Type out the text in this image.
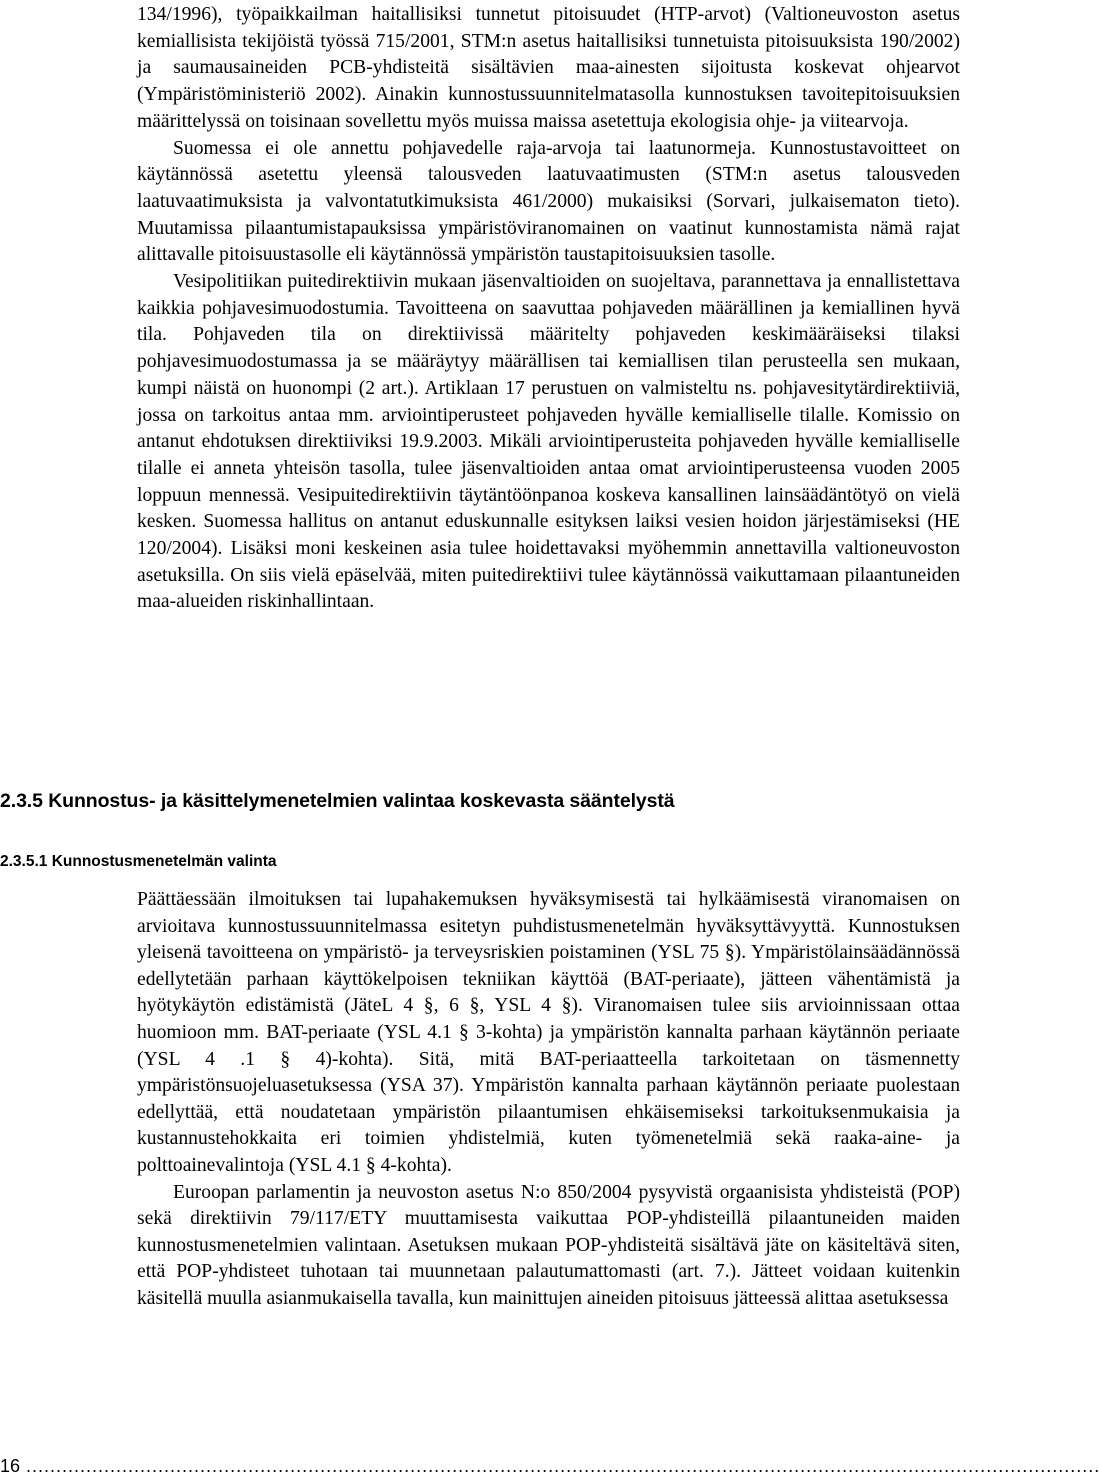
134/1996), työpaikkailman haitallisiksi tunnetut pitoisuudet (HTP-arvot) (Valtioneuvoston asetus kemiallisista tekijöistä työssä 715/2001, STM:n asetus haitallisiksi tunnetuista pitoisuuksista 190/2002) ja saumausaineiden PCB-yhdisteitä sisältävien maa-ainesten sijoitusta koskevat ohjearvot (Ympäristöministeriö 2002). Ainakin kunnostussuunnitelmatasolla kunnostuksen tavoitepitoisuuksien määrittelyssä on toisinaan sovellettu myös muissa maissa asetettuja ekologisia ohje- ja viitearvoja.

Suomessa ei ole annettu pohjavedelle raja-arvoja tai laatunormeja. Kunnostustavoitteet on käytännössä asetettu yleensä talousveden laatuvaatimusten (STM:n asetus talousveden laatuvaatimuksista ja valvontatutkimuksista 461/2000) mukaisiksi (Sorvari, julkaisematon tieto). Muutamissa pilaantumistapauksissa ympäristöviranomainen on vaatinut kunnostamista nämä rajat alittavalle pitoisuustasolle eli käytännössä ympäristön taustapitoisuuksien tasolle.

Vesipolitiikan puitedirektiivin mukaan jäsenvaltioiden on suojeltava, parannettava ja ennallistettava kaikkia pohjavesimuodostumia. Tavoitteena on saavuttaa pohjaveden määrällinen ja kemiallinen hyvä tila. Pohjaveden tila on direktiivissä määritelty pohjaveden keskimääräiseksi tilaksi pohjavesimuodostumassa ja se määräytyy määrällisen tai kemiallisen tilan perusteella sen mukaan, kumpi näistä on huonompi (2 art.). Artiklaan 17 perustuen on valmisteltu ns. pohjavesitytärdirektiiviä, jossa on tarkoitus antaa mm. arviointiperusteet pohjaveden hyvälle kemialliselle tilalle. Komissio on antanut ehdotuksen direktiiviksi 19.9.2003. Mikäli arviointiperusteita pohjaveden hyvälle kemialliselle tilalle ei anneta yhteisön tasolla, tulee jäsenvaltioiden antaa omat arviointiperusteensa vuoden 2005 loppuun mennessä. Vesipuitedirektiivin täytäntöönpanoa koskeva kansallinen lainsäädäntötyö on vielä kesken. Suomessa hallitus on antanut eduskunnalle esityksen laiksi vesien hoidon järjestämiseksi (HE 120/2004). Lisäksi moni keskeinen asia tulee hoidettavaksi myöhemmin annettavilla valtioneuvoston asetuksilla. On siis vielä epäselvää, miten puitedirektiivi tulee käytännössä vaikuttamaan pilaantuneiden maa-alueiden riskinhallintaan.

2.3.5 Kunnostus- ja käsittelymenetelmien valintaa koskevasta sääntelystä
2.3.5.1 Kunnostusmenetelmän valinta

Päättäessään ilmoituksen tai lupahakemuksen hyväksymisestä tai hylkäämisestä viranomaisen on arvioitava kunnostussuunnitelmassa esitetyn puhdistusmenetelmän hyväksyttävyyttä. Kunnostuksen yleisenä tavoitteena on ympäristö- ja terveysriskien poistaminen (YSL 75 §). Ympäristölainsäädännössä edellytetään parhaan käyttökelpoisen tekniikan käyttöä (BAT-periaate), jätteen vähentämistä ja hyötykäytön edistämistä (JäteL 4 §, 6 §, YSL 4 §). Viranomaisen tulee siis arvioinnissaan ottaa huomioon mm. BAT-periaate (YSL 4.1 § 3-kohta) ja ympäristön kannalta parhaan käytännön periaate (YSL 4 .1 § 4)-kohta). Sitä, mitä BAT-periaatteella tarkoitetaan on täsmennetty ympäristönsuojeluasetuksessa (YSA 37). Ympäristön kannalta parhaan käytännön periaate puolestaan edellyttää, että noudatetaan ympäristön pilaantumisen ehkäisemiseksi tarkoituksenmukaisia ja kustannustehokkaita eri toimien yhdistelmiä, kuten työmenetelmiä sekä raaka-aine- ja polttoainevalintoja (YSL 4.1 § 4-kohta).

Euroopan parlamentin ja neuvoston asetus N:o 850/2004 pysyvistä orgaanisista yhdisteistä (POP) sekä direktiivin 79/117/ETY muuttamisesta vaikuttaa POP-yhdisteillä pilaantuneiden maiden kunnostusmenetelmien valintaan. Asetuksen mukaan POP-yhdisteitä sisältävä jäte on käsiteltävä siten, että POP-yhdisteet tuhotaan tai muunnetaan palautumattomasti (art. 7.). Jätteet voidaan kuitenkin käsitellä muulla asianmukaisella tavalla, kun mainittujen aineiden pitoisuus jätteessä alittaa asetuksessa

16 ...................................................................................................................................................................................
